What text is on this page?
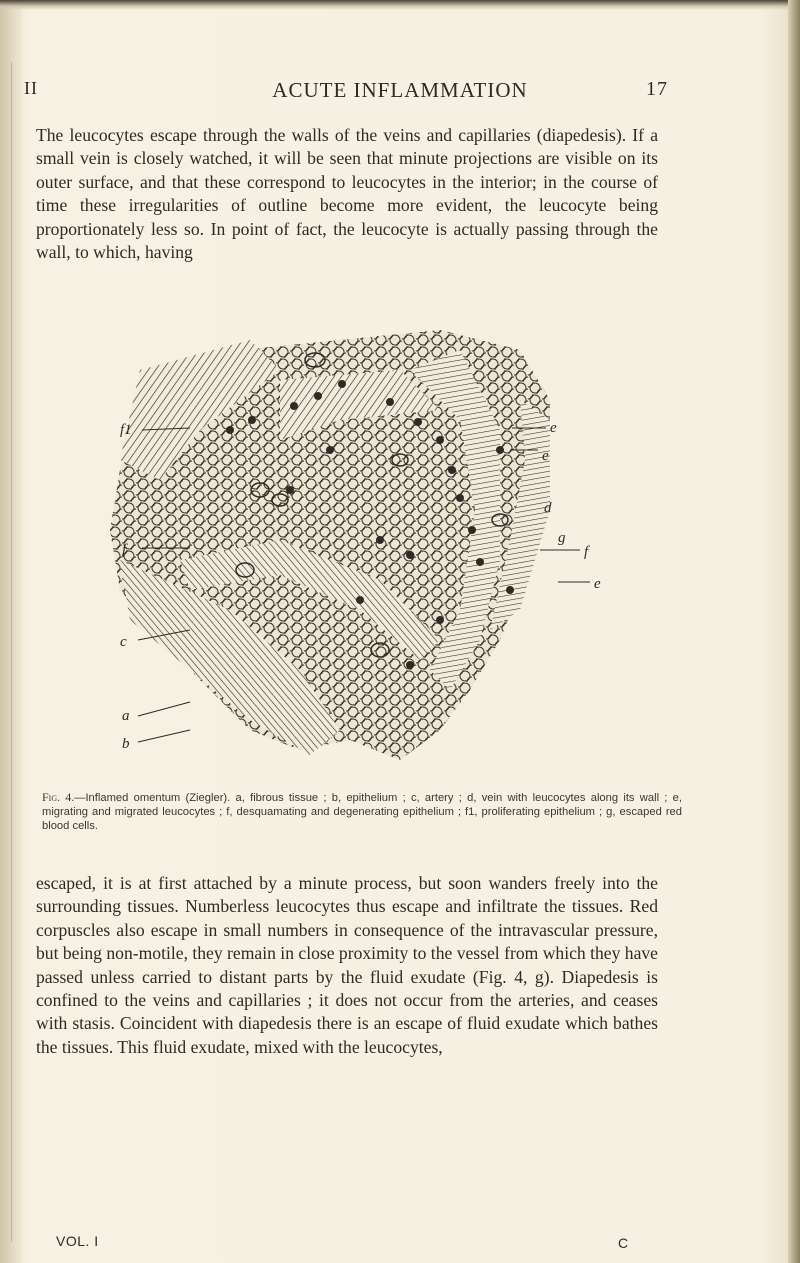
II	ACUTE INFLAMMATION	17
The leucocytes escape through the walls of the veins and capillaries (diapedesis). If a small vein is closely watched, it will be seen that minute projections are visible on its outer surface, and that these correspond to leucocytes in the interior; in the course of time these irregularities of outline become more evident, the leucocyte being proportionately less so. In point of fact, the leucocyte is actually passing through the wall, to which, having
f1
f
c
a
b
e
e
d
g
f
e
Fig. 4.—Inflamed omentum (Ziegler). a, fibrous tissue ; b, epithelium ; c, artery ; d, vein with leucocytes along its wall ; e, migrating and migrated leucocytes ; f, desquamating and degenerating epithelium ; f1, proliferating epithelium ; g, escaped red blood cells.
escaped, it is at first attached by a minute process, but soon wanders freely into the surrounding tissues. Numberless leucocytes thus escape and infiltrate the tissues. Red corpuscles also escape in small numbers in consequence of the intravascular pressure, but being non-motile, they remain in close proximity to the vessel from which they have passed unless carried to distant parts by the fluid exudate (Fig. 4, g). Diapedesis is confined to the veins and capillaries ; it does not occur from the arteries, and ceases with stasis. Coincident with diapedesis there is an escape of fluid exudate which bathes the tissues. This fluid exudate, mixed with the leucocytes,
VOL. I	C
